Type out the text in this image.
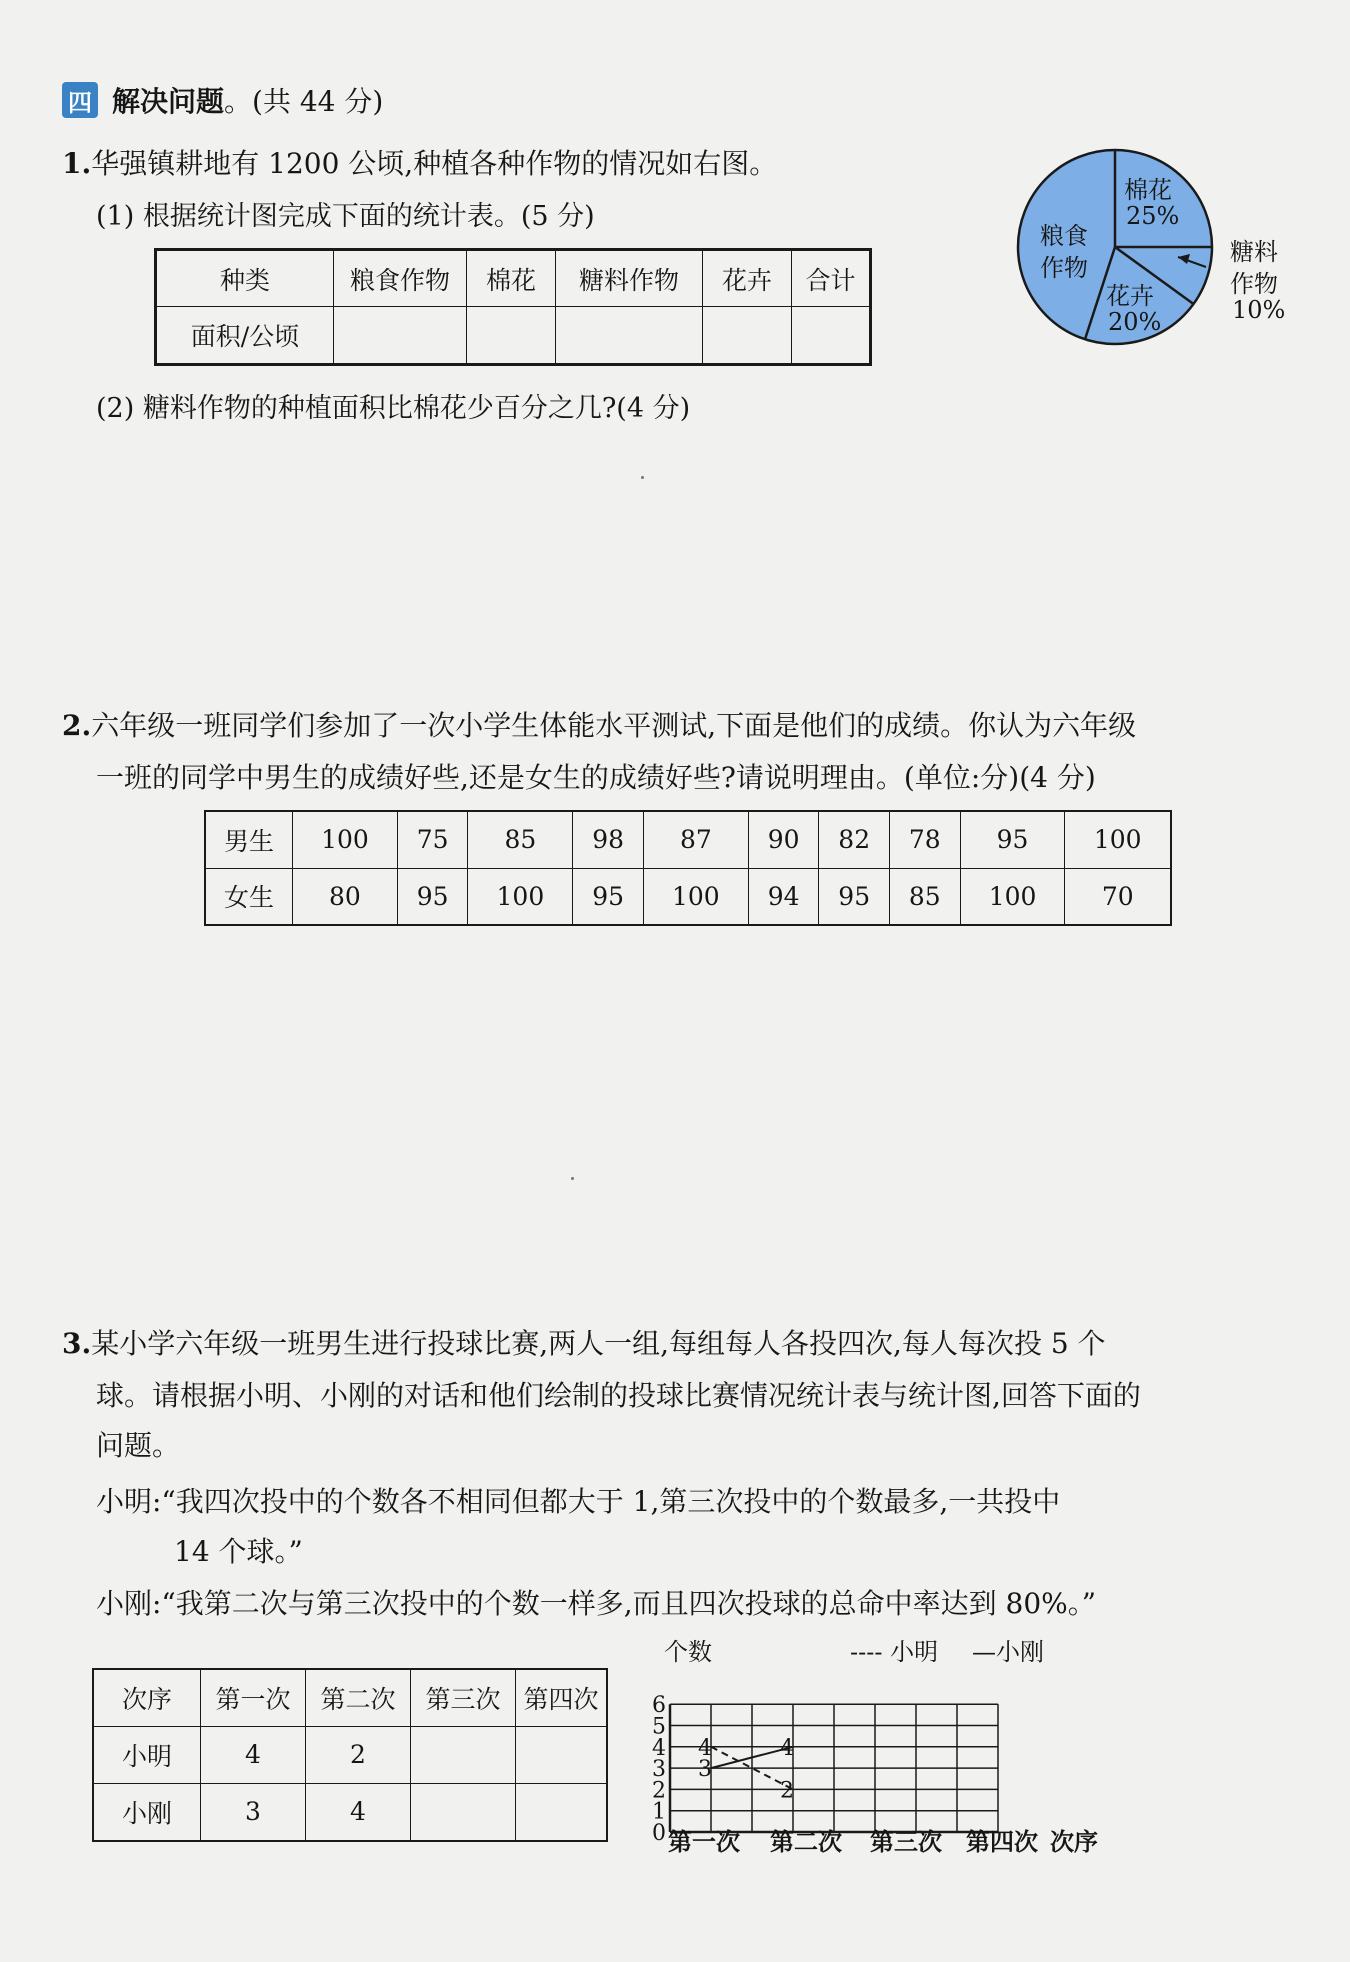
四 解决问题。(共 44 分)
1.华强镇耕地有 1200 公顷,种植各种作物的情况如右图。
(1) 根据统计图完成下面的统计表。(5 分)
种类	粮食作物	棉花	糖料作物	花卉	合计
面积/公顷					
(2) 糖料作物的种植面积比棉花少百分之几?(4 分)
棉花
25%
粮食
作物
花卉
20%
糖料
作物
10%
2.六年级一班同学们参加了一次小学生体能水平测试,下面是他们的成绩。你认为六年级
一班的同学中男生的成绩好些,还是女生的成绩好些?请说明理由。(单位:分)(4 分)
男生	100	75	85	98	87	90	82	78	95	100
女生	80	95	100	95	100	94	95	85	100	70
3.某小学六年级一班男生进行投球比赛,两人一组,每组每人各投四次,每人每次投 5 个
球。请根据小明、小刚的对话和他们绘制的投球比赛情况统计表与统计图,回答下面的
问题。
小明:“我四次投中的个数各不相同但都大于 1,第三次投中的个数最多,一共投中
14 个球。”
小刚:“我第二次与第三次投中的个数一样多,而且四次投球的总命中率达到 80%。”
次序	第一次	第二次	第三次	第四次
小明	4	2		
小刚	3	4		
0
1
2
3
4
5
6
4
2
3
4
个数	---- 小明 —小刚
第一次 第二次 第三次 第四次 次序
